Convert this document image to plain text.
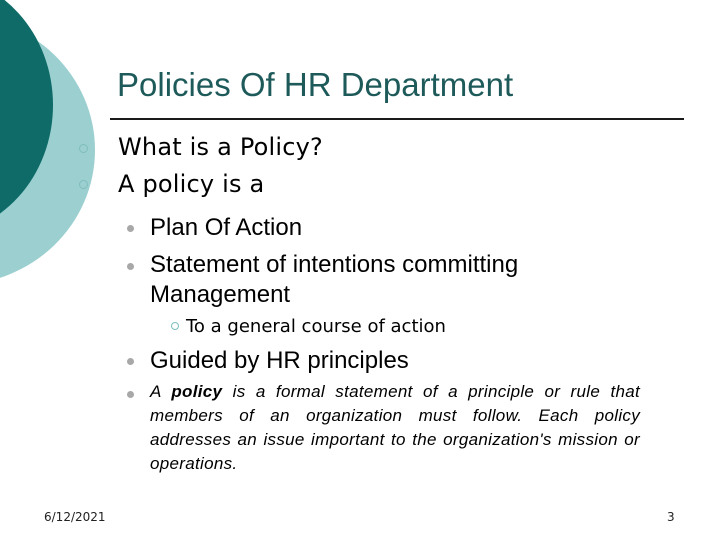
Policies Of HR Department
What is a Policy?
A policy is a
Plan Of Action
Statement of intentions committing Management
To a general course of action
Guided by HR principles
A policy is a formal statement of a principle or rule that members of an organization must follow. Each policy addresses an issue important to the organization's mission or operations.
6/12/2021	3
